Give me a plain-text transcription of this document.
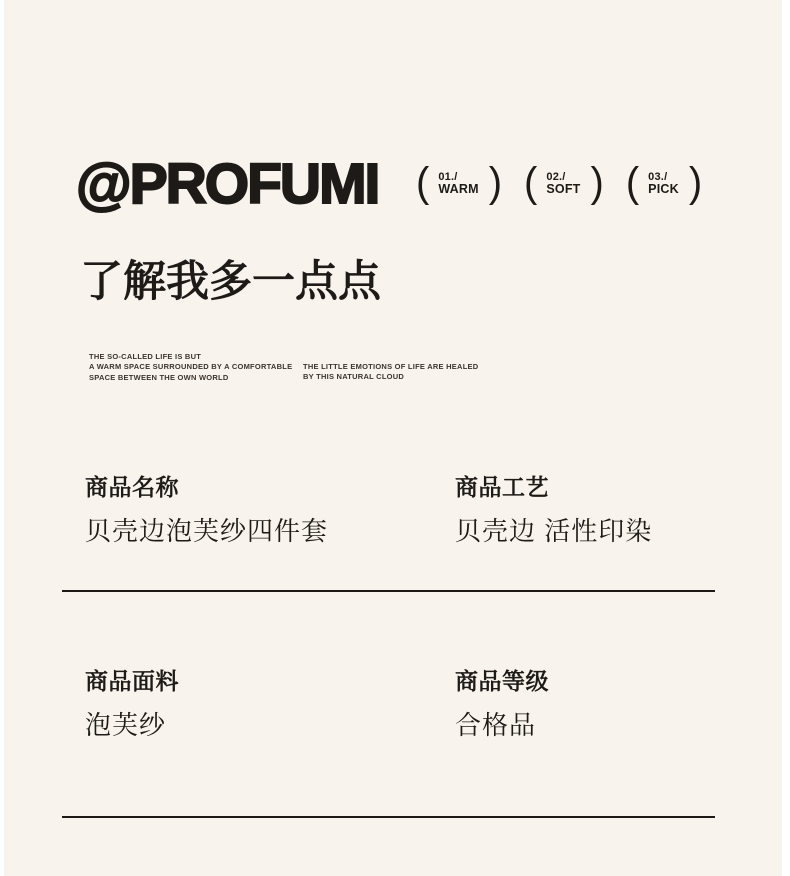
@PROFUMI ( 01./
WARM ) ( 02./
SOFT ) ( 03./
PICK )
了解我多一点点
THE SO-CALLED LIFE IS BUT
A WARM SPACE SURROUNDED BY A COMFORTABLE
SPACE BETWEEN THE OWN WORLD
THE LITTLE EMOTIONS OF LIFE ARE HEALED
BY THIS NATURAL CLOUD
商品名称
贝壳边泡芙纱四件套
商品工艺
贝壳边 活性印染
商品面料
泡芙纱
商品等级
合格品
